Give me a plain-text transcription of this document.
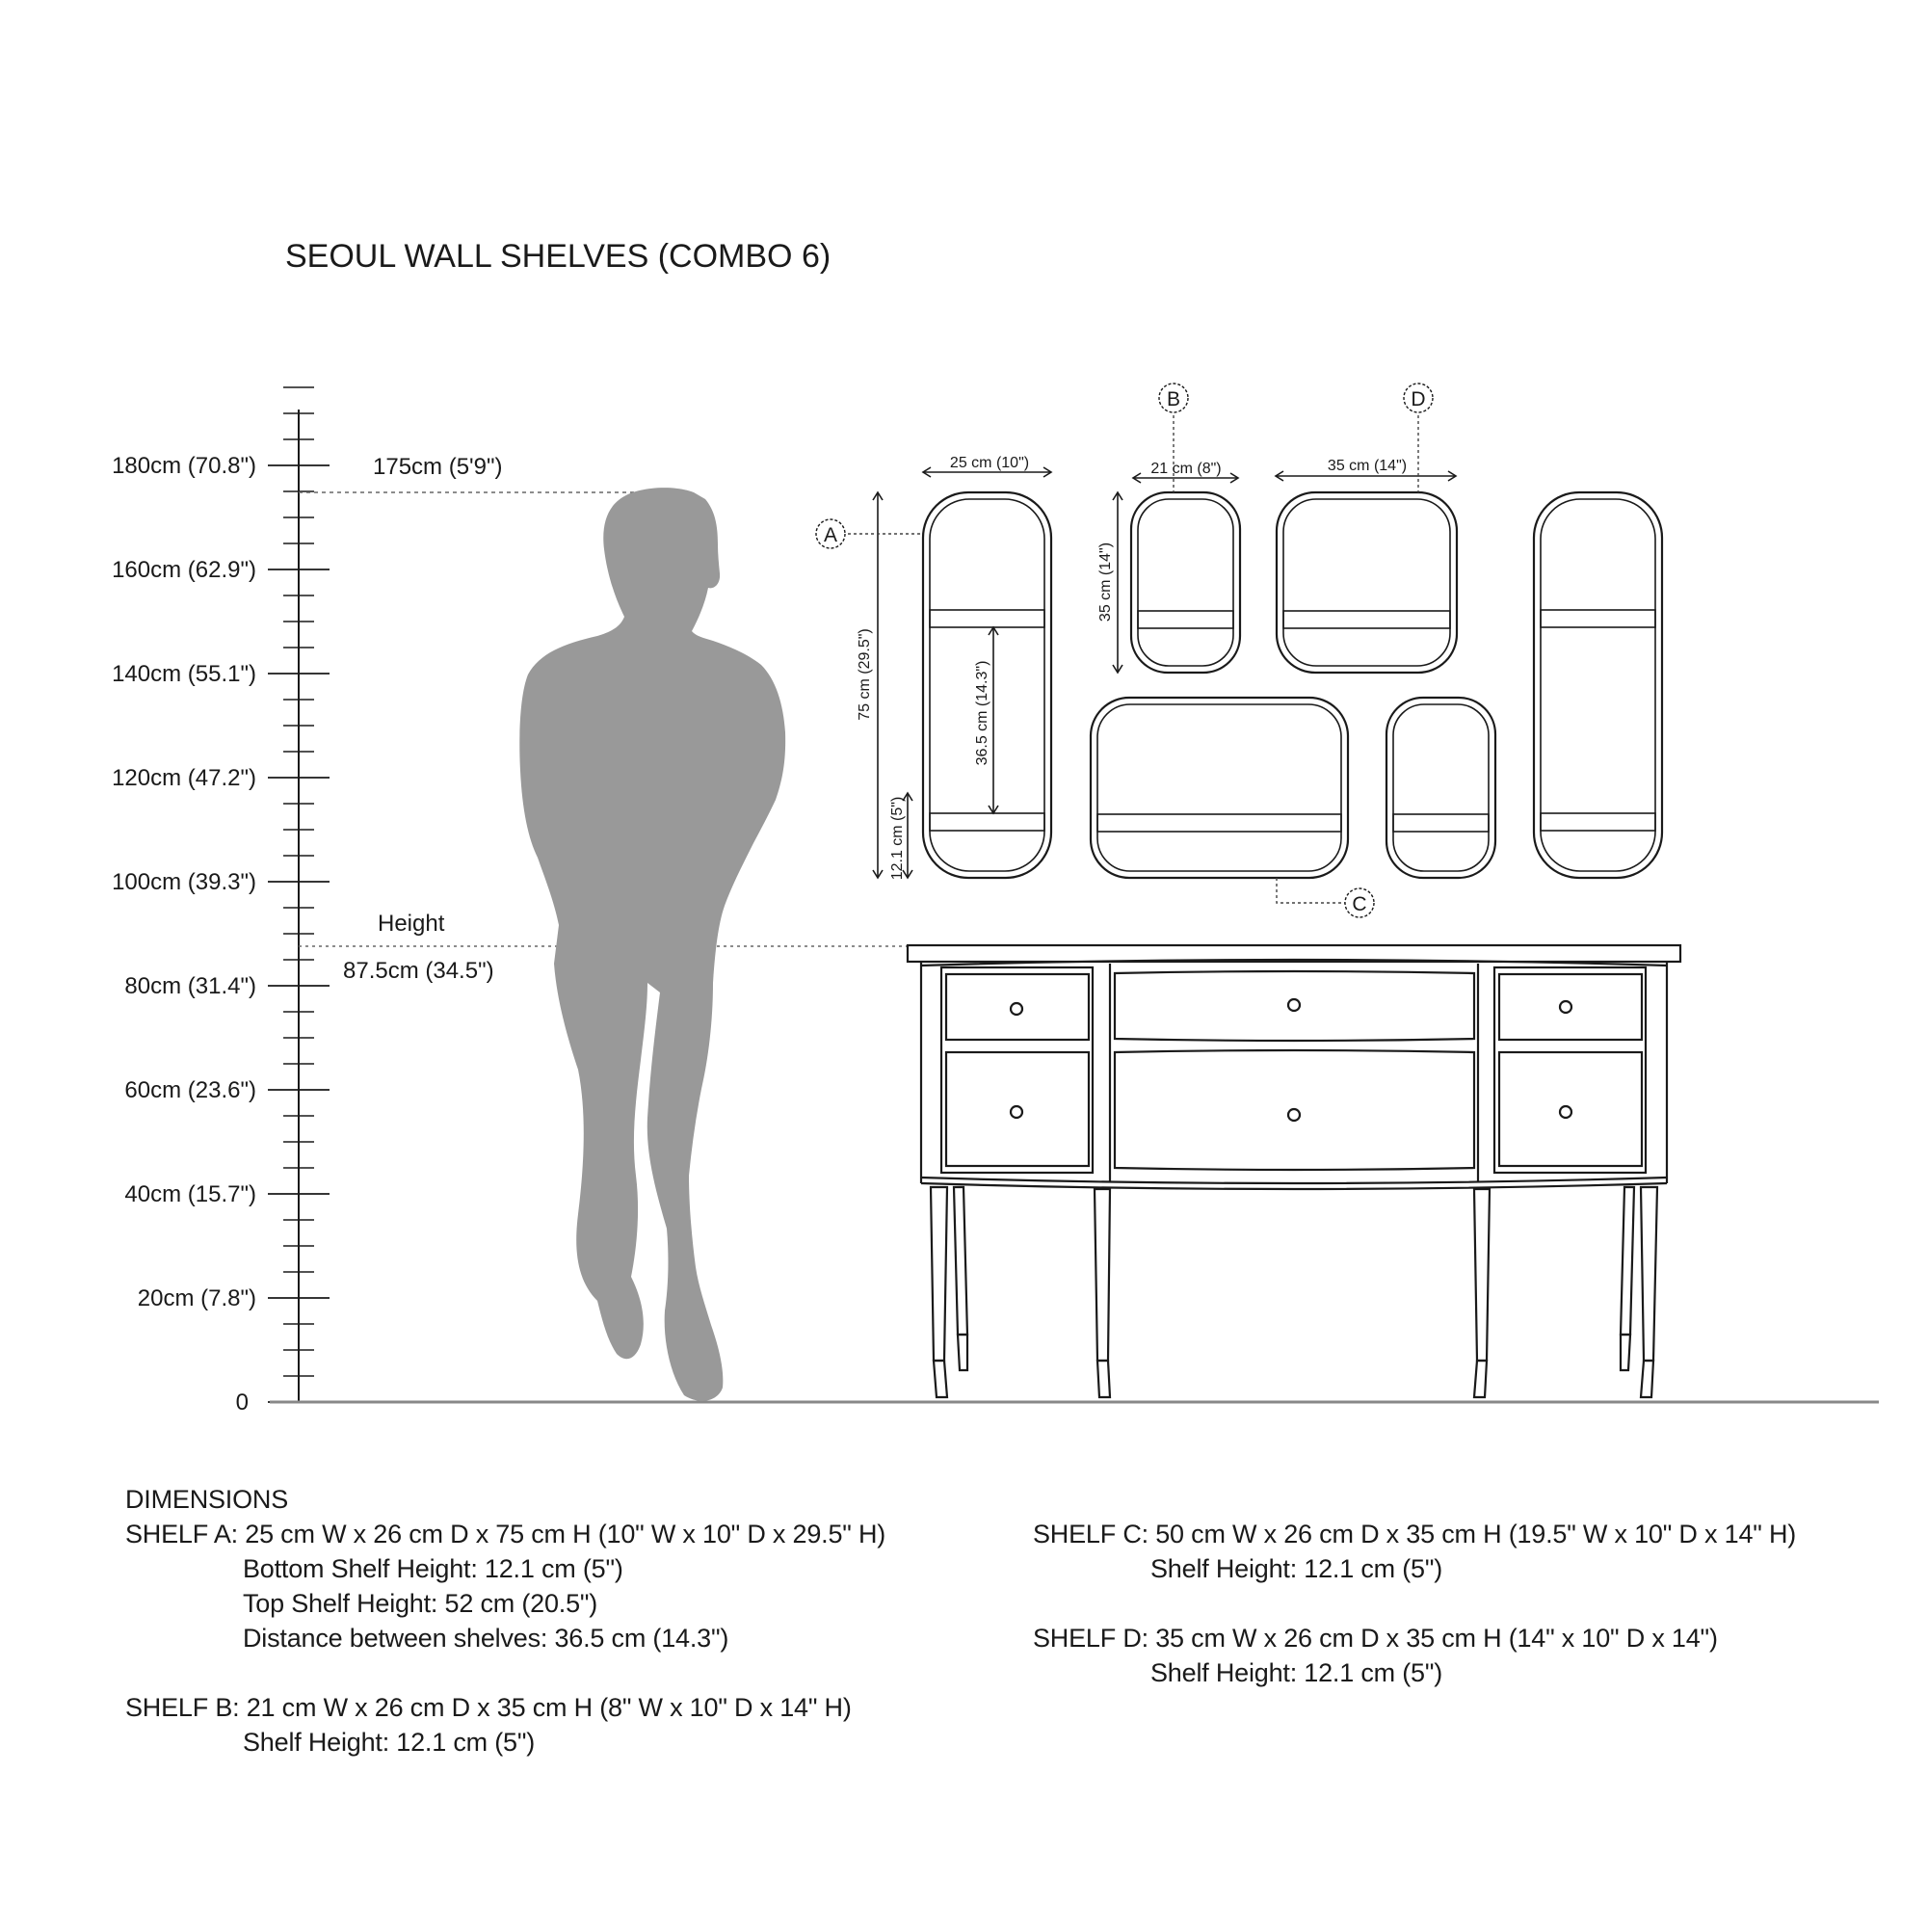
SEOUL WALL SHELVES (COMBO 6)
180cm (70.8")
160cm (62.9")
140cm (55.1")
120cm (47.2")
100cm (39.3")
80cm (31.4")
60cm (23.6")
40cm (15.7")
20cm (7.8")
0
175cm (5'9")
Height
87.5cm (34.5")
A
B
C
D
25 cm (10")	21 cm (8")	35 cm (14")
75 cm (29.5")	36.5 cm (14.3")
12.1 cm (5")
35 cm (14")
DIMENSIONS
SHELF A: 25 cm W x 26 cm D x 75 cm H (10" W x 10" D x 29.5" H)
Bottom Shelf Height: 12.1 cm (5")
Top Shelf Height: 52 cm (20.5")
Distance between shelves: 36.5 cm (14.3")
SHELF B: 21 cm W x 26 cm D x 35 cm H (8" W x 10" D x 14" H)
Shelf Height: 12.1 cm (5")
SHELF C: 50 cm W x 26 cm D x 35 cm H (19.5" W x 10" D x 14" H)
Shelf Height: 12.1 cm (5")
SHELF D: 35 cm W x 26 cm D x 35 cm H (14" x 10" D x 14")
Shelf Height: 12.1 cm (5")
